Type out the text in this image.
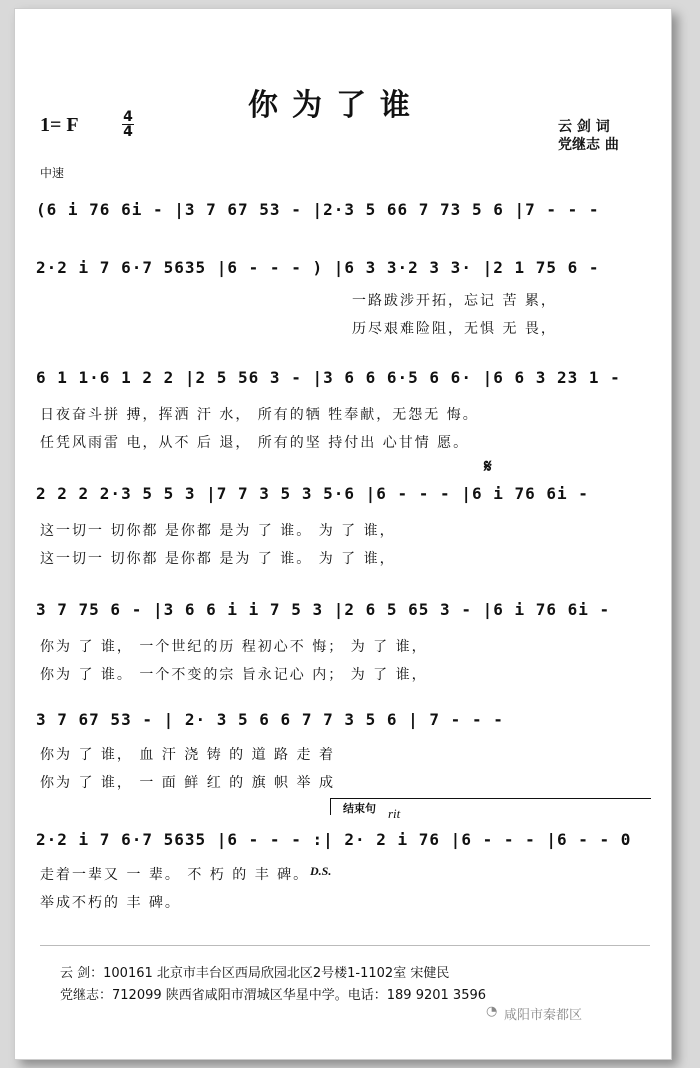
你为了谁
1= F	4
4	云 剑 词
党继志 曲
中速
(6 i 76 6i - |3 7 67 53 - |2·3 5 66 7 73 5 6 |7 - - -
2·2 i 7 6·7 5635 |6 - - - ) |6 3 3·2 3 3· |2 1 75 6 -
一路跋涉开拓，忘记 苦 累，
历尽艰难险阻，无惧 无 畏，
6 1 1·6 1 2 2 |2 5 56 3 - |3 6 6 6·5 6 6· |6 6 3 23 1 -
日夜奋斗拼 搏，挥洒 汗 水， 所有的牺 牲奉献，无怨无 悔。
任凭风雨雷 电，从不 后 退， 所有的坚 持付出 心甘情 愿。
𝄋
2 2 2 2·3 5 5 3 |7 7 3 5 3 5·6 |6 - - - |6 i 76 6i -
这一切一 切你都 是你都 是为 了 谁。 为 了 谁，
这一切一 切你都 是你都 是为 了 谁。 为 了 谁，
3 7 75 6 - |3 6 6 i i 7 5 3 |2 6 5 65 3 - |6 i 76 6i -
你为 了 谁， 一个世纪的历 程初心不 悔； 为 了 谁，
你为 了 谁。 一个不变的宗 旨永记心 内； 为 了 谁，
3 7 67 53 - | 2· 3 5 6 6 7 7 3 5 6 | 7 - - -
你为 了 谁， 血 汗 浇 铸 的 道 路 走 着
你为 了 谁， 一 面 鲜 红 的 旗 帜 举 成
结束句 rit
2·2 i 7 6·7 5635 |6 - - - :| 2· 2 i 76 |6 - - - |6 - - 0
D.S.
走着一辈又 一 辈。 不 朽 的 丰 碑。
举成不朽的 丰 碑。
云 剑：100161 北京市丰台区西局欣园北区2号楼1-1102室 宋健民
党继志：712099 陕西省咸阳市渭城区华星中学。电话：189 9201 3596
◔ 咸阳市秦都区
